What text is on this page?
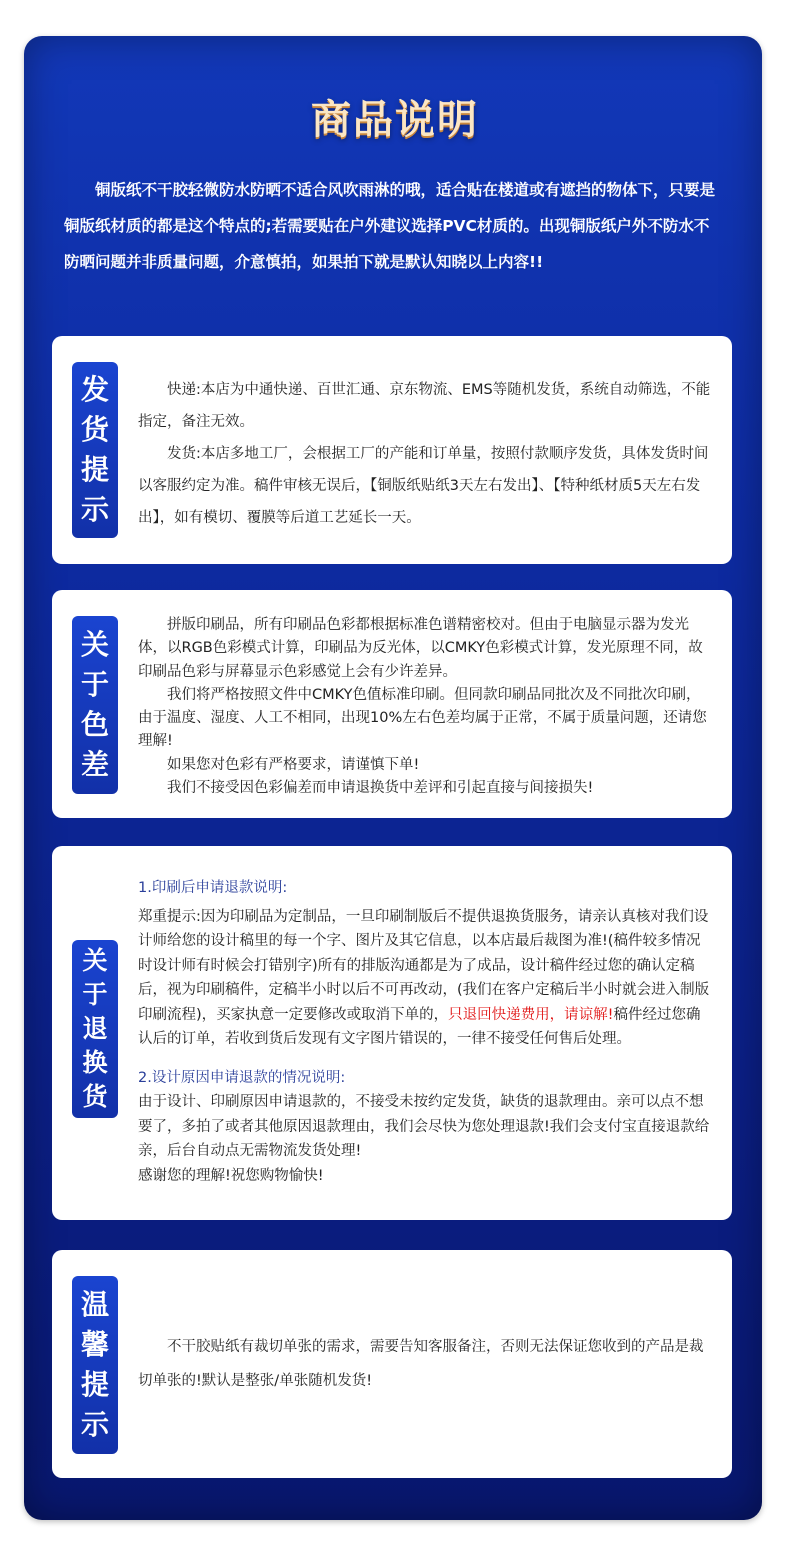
商品说明

铜版纸不干胶轻微防水防晒不适合风吹雨淋的哦，适合贴在楼道或有遮挡的物体下，只要是铜版纸材质的都是这个特点的;若需要贴在户外建议选择PVC材质的。出现铜版纸户外不防水不防晒问题并非质量问题，介意慎拍，如果拍下就是默认知晓以上内容!!

发
货
提
示

快递:本店为中通快递、百世汇通、京东物流、EMS等随机发货，系统自动筛选，不能指定，备注无效。

发货:本店多地工厂，会根据工厂的产能和订单量，按照付款顺序发货，具体发货时间以客服约定为准。稿件审核无误后，【铜版纸贴纸3天左右发出】、【特种纸材质5天左右发出】，如有模切、覆膜等后道工艺延长一天。

关
于
色
差

拼版印刷品，所有印刷品色彩都根据标准色谱精密校对。但由于电脑显示器为发光体，以RGB色彩模式计算，印刷品为反光体，以CMKY色彩模式计算，发光原理不同，故印刷品色彩与屏幕显示色彩感觉上会有少许差异。

我们将严格按照文件中CMKY色值标准印刷。但同款印刷品同批次及不同批次印刷，由于温度、湿度、人工不相同，出现10%左右色差均属于正常，不属于质量问题，还请您理解!

如果您对色彩有严格要求，请谨慎下单!

我们不接受因色彩偏差而申请退换货中差评和引起直接与间接损失!

关
于
退
换
货

1.印刷后申请退款说明:

郑重提示:因为印刷品为定制品，一旦印刷制版后不提供退换货服务，请亲认真核对我们设计师给您的设计稿里的每一个字、图片及其它信息，以本店最后裁图为准!(稿件较多情况时设计师有时候会打错别字)所有的排版沟通都是为了成品，设计稿件经过您的确认定稿后，视为印刷稿件，定稿半小时以后不可再改动，(我们在客户定稿后半小时就会进入制版印刷流程)，买家执意一定要修改或取消下单的，只退回快递费用，请谅解!稿件经过您确认后的订单，若收到货后发现有文字图片错误的，一律不接受任何售后处理。

2.设计原因申请退款的情况说明:

由于设计、印刷原因申请退款的，不接受未按约定发货，缺货的退款理由。亲可以点不想要了，多拍了或者其他原因退款理由，我们会尽快为您处理退款!我们会支付宝直接退款给亲，后台自动点无需物流发货处理!

感谢您的理解!祝您购物愉快!

温
馨
提
示

不干胶贴纸有裁切单张的需求，需要告知客服备注，否则无法保证您收到的产品是裁切单张的!默认是整张/单张随机发货!
